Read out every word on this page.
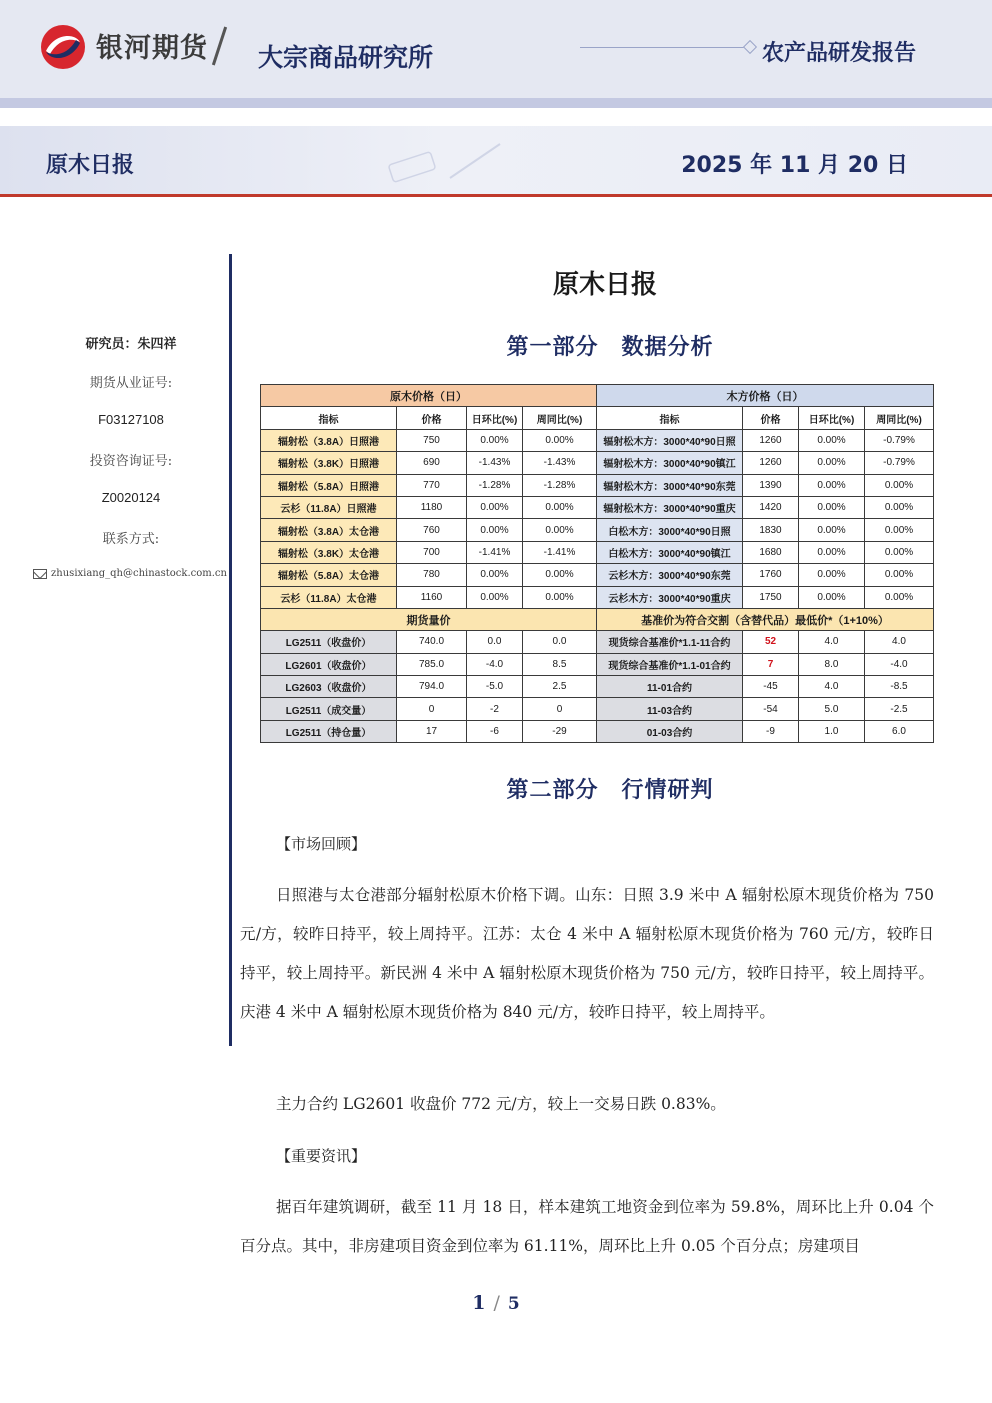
银河期货 大宗商品研究所	农产品研发报告
原木日报	2025 年 11 月 20 日
研究员：朱四祥
期货从业证号:
F03127108
投资咨询证号:
Z0020124
联系方式:
zhusixiang_qh@chinastock.com.cn
原木日报
第一部分　数据分析
原木价格（日）				木方价格（日）			
指标	价格	日环比(%)	周同比(%)	指标	价格	日环比(%)	周同比(%)
辐射松（3.8A）日照港	750	0.00%	0.00%	辐射松木方：3000*40*90日照	1260	0.00%	-0.79%
辐射松（3.8K）日照港	690	-1.43%	-1.43%	辐射松木方：3000*40*90镇江	1260	0.00%	-0.79%
辐射松（5.8A）日照港	770	-1.28%	-1.28%	辐射松木方：3000*40*90东莞	1390	0.00%	0.00%
云杉（11.8A）日照港	1180	0.00%	0.00%	辐射松木方：3000*40*90重庆	1420	0.00%	0.00%
辐射松（3.8A）太仓港	760	0.00%	0.00%	白松木方：3000*40*90日照	1830	0.00%	0.00%
辐射松（3.8K）太仓港	700	-1.41%	-1.41%	白松木方：3000*40*90镇江	1680	0.00%	0.00%
辐射松（5.8A）太仓港	780	0.00%	0.00%	云杉木方：3000*40*90东莞	1760	0.00%	0.00%
云杉（11.8A）太仓港	1160	0.00%	0.00%	云杉木方：3000*40*90重庆	1750	0.00%	0.00%
期货量价				基准价为符合交割（含替代品）最低价*（1+10%）			
LG2511（收盘价）	740.0	0.0	0.0	现货综合基准价*1.1-11合约	52	4.0	4.0
LG2601（收盘价）	785.0	-4.0	8.5	现货综合基准价*1.1-01合约	7	8.0	-4.0
LG2603（收盘价）	794.0	-5.0	2.5	11-01合约	-45	4.0	-8.5
LG2511（成交量）	0	-2	0	11-03合约	-54	5.0	-2.5
LG2511（持仓量）	17	-6	-29	01-03合约	-9	1.0	6.0
第二部分　行情研判
【市场回顾】
日照港与太仓港部分辐射松原木价格下调。山东：日照 3.9 米中 A 辐射松原木现货价格为 750 元/方，较昨日持平，较上周持平。江苏：太仓 4 米中 A 辐射松原木现货价格为 760 元/方，较昨日持平，较上周持平。新民洲 4 米中 A 辐射松原木现货价格为 750 元/方，较昨日持平，较上周持平。庆港 4 米中 A 辐射松原木现货价格为 840 元/方，较昨日持平，较上周持平。
主力合约 LG2601 收盘价 772 元/方，较上一交易日跌 0.83%。
【重要资讯】
据百年建筑调研，截至 11 月 18 日，样本建筑工地资金到位率为 59.8%，周环比上升 0.04 个百分点。其中，非房建项目资金到位率为 61.11%，周环比上升 0.05 个百分点；房建项目
1 / 5
